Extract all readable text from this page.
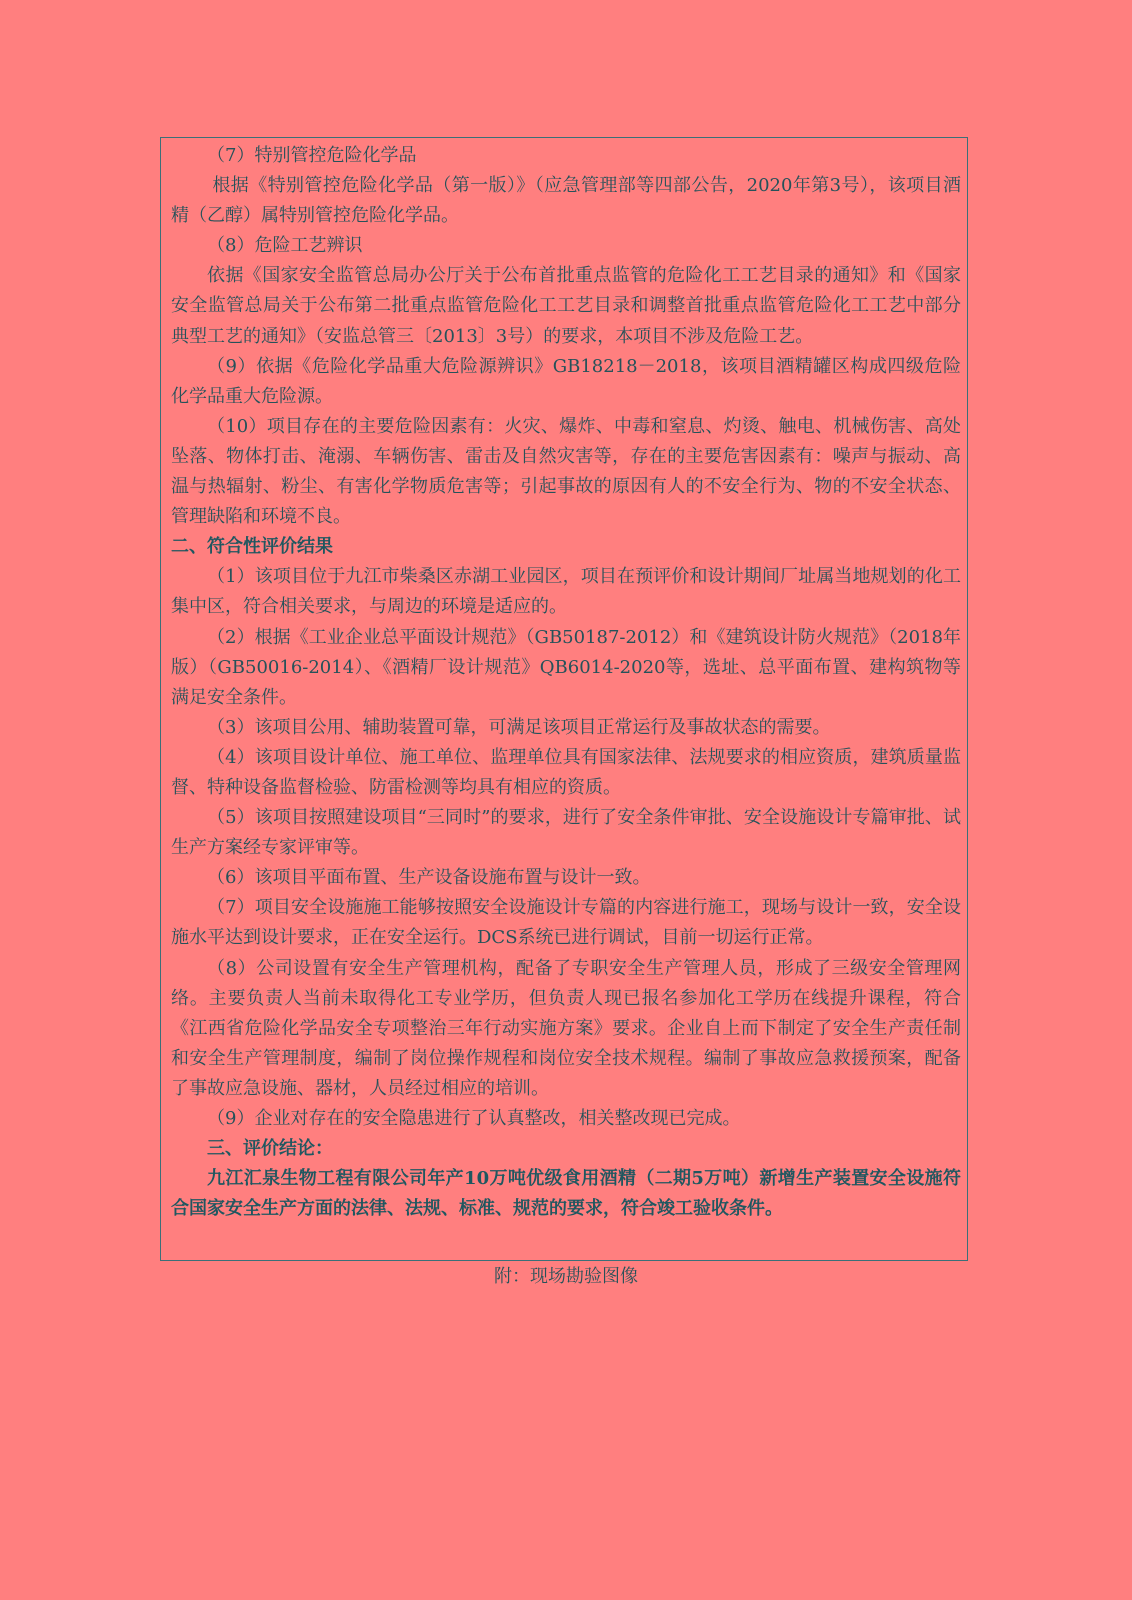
（7）特别管控危险化学品

根据《特别管控危险化学品（第一版）》（应急管理部等四部公告，2020年第3号），该项目酒精（乙醇）属特别管控危险化学品。

（8）危险工艺辨识

依据《国家安全监管总局办公厅关于公布首批重点监管的危险化工工艺目录的通知》和《国家安全监管总局关于公布第二批重点监管危险化工工艺目录和调整首批重点监管危险化工工艺中部分典型工艺的通知》（安监总管三〔2013〕3号）的要求，本项目不涉及危险工艺。

（9）依据《危险化学品重大危险源辨识》GB18218－2018，该项目酒精罐区构成四级危险化学品重大危险源。

（10）项目存在的主要危险因素有：火灾、爆炸、中毒和窒息、灼烫、触电、机械伤害、高处坠落、物体打击、淹溺、车辆伤害、雷击及自然灾害等，存在的主要危害因素有：噪声与振动、高温与热辐射、粉尘、有害化学物质危害等；引起事故的原因有人的不安全行为、物的不安全状态、管理缺陷和环境不良。

二、符合性评价结果

（1）该项目位于九江市柴桑区赤湖工业园区，项目在预评价和设计期间厂址属当地规划的化工集中区，符合相关要求，与周边的环境是适应的。

（2）根据《工业企业总平面设计规范》（GB50187-2012）和《建筑设计防火规范》（2018年版）（GB50016-2014）、《酒精厂设计规范》QB6014-2020等，选址、总平面布置、建构筑物等满足安全条件。

（3）该项目公用、辅助装置可靠，可满足该项目正常运行及事故状态的需要。

（4）该项目设计单位、施工单位、监理单位具有国家法律、法规要求的相应资质，建筑质量监督、特种设备监督检验、防雷检测等均具有相应的资质。

（5）该项目按照建设项目“三同时”的要求，进行了安全条件审批、安全设施设计专篇审批、试生产方案经专家评审等。

（6）该项目平面布置、生产设备设施布置与设计一致。

（7）项目安全设施施工能够按照安全设施设计专篇的内容进行施工，现场与设计一致，安全设施水平达到设计要求，正在安全运行。DCS系统已进行调试，目前一切运行正常。

（8）公司设置有安全生产管理机构，配备了专职安全生产管理人员，形成了三级安全管理网络。主要负责人当前未取得化工专业学历，但负责人现已报名参加化工学历在线提升课程，符合《江西省危险化学品安全专项整治三年行动实施方案》要求。企业自上而下制定了安全生产责任制和安全生产管理制度，编制了岗位操作规程和岗位安全技术规程。编制了事故应急救援预案，配备了事故应急设施、器材，人员经过相应的培训。

（9）企业对存在的安全隐患进行了认真整改，相关整改现已完成。

三、评价结论：

九江汇泉生物工程有限公司年产10万吨优级食用酒精（二期5万吨）新增生产装置安全设施符合国家安全生产方面的法律、法规、标准、规范的要求，符合竣工验收条件。

附：现场勘验图像
